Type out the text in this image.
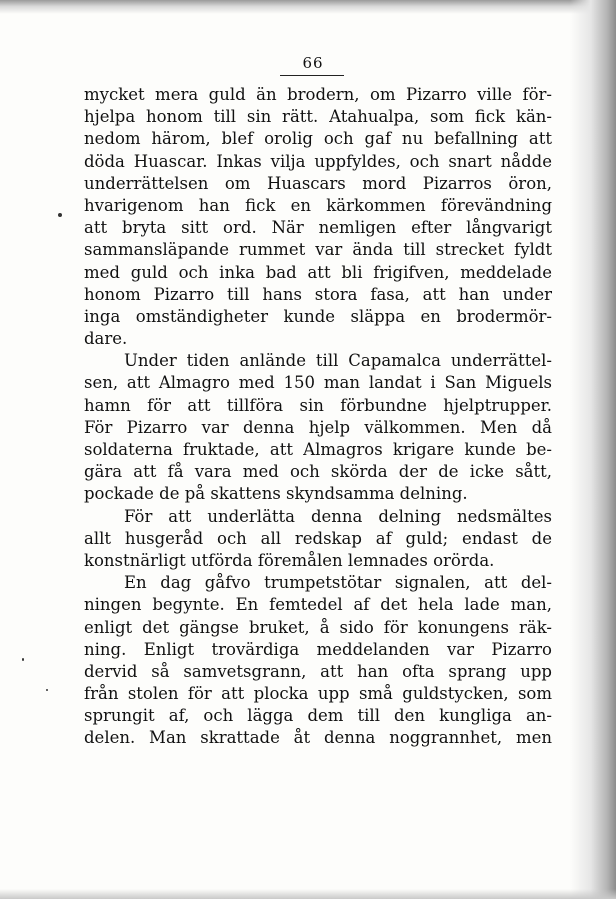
66
mycket mera guld än brodern, om Pizarro ville för-
hjelpa honom till sin rätt. Atahualpa, som fick kän-
nedom härom, blef orolig och gaf nu befallning att
döda Huascar. Inkas vilja uppfyldes, och snart nådde
underrättelsen om Huascars mord Pizarros öron,
hvarigenom han fick en kärkommen förevändning
att bryta sitt ord. När nemligen efter långvarigt
sammansläpande rummet var ända till strecket fyldt
med guld och inka bad att bli frigifven, meddelade
honom Pizarro till hans stora fasa, att han under
inga omständigheter kunde släppa en brodermör-
dare.
Under tiden anlände till Capamalca underrättel-
sen, att Almagro med 150 man landat i San Miguels
hamn för att tillföra sin förbundne hjelptrupper.
För Pizarro var denna hjelp välkommen. Men då
soldaterna fruktade, att Almagros krigare kunde be-
gära att få vara med och skörda der de icke sått,
pockade de på skattens skyndsamma delning.
För att underlätta denna delning nedsmältes
allt husgeråd och all redskap af guld; endast de
konstnärligt utförda föremålen lemnades orörda.
En dag gåfvo trumpetstötar signalen, att del-
ningen begynte. En femtedel af det hela lade man,
enligt det gängse bruket, å sido för konungens räk-
ning. Enligt trovärdiga meddelanden var Pizarro
dervid så samvetsgrann, att han ofta sprang upp
från stolen för att plocka upp små guldstycken, som
sprungit af, och lägga dem till den kungliga an-
delen. Man skrattade åt denna noggrannhet, men
